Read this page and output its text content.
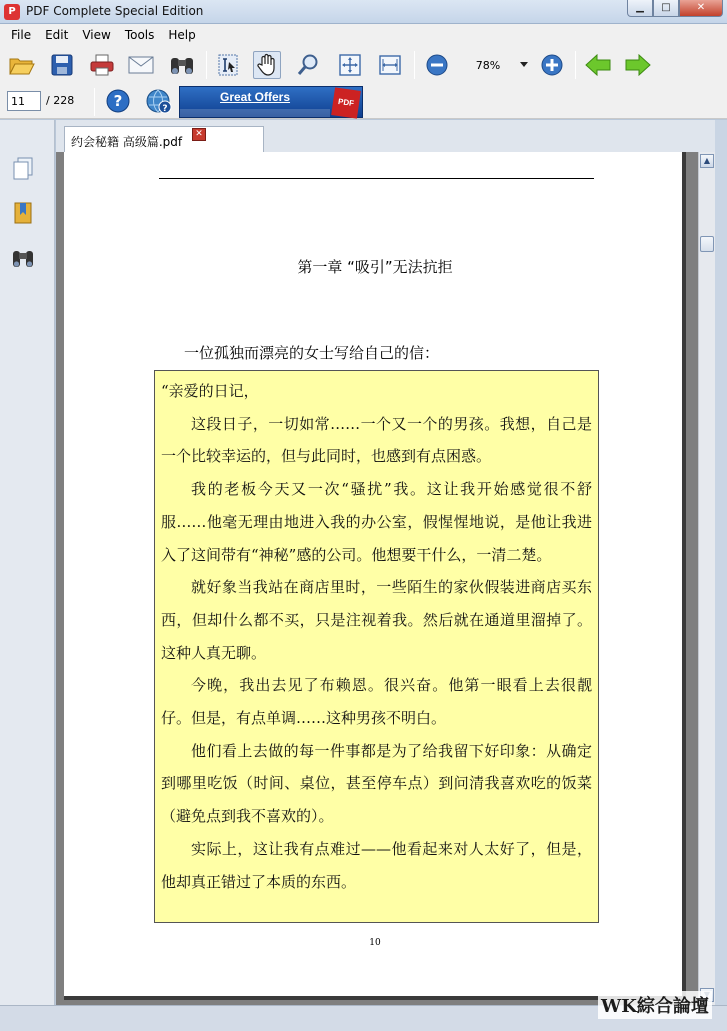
P PDF Complete Special Edition	▁	□	✕
File	Edit	View	Tools	Help
78%
11
/ 228	?	?
Great Offers	PDF
约会秘籍 高级篇.pdf
✕
第一章 “吸引”无法抗拒
一位孤独而漂亮的女士写给自己的信：

“亲爱的日记，

这段日子，一切如常……一个又一个的男孩。我想，自己是一个比较幸运的，但与此同时，也感到有点困惑。

我的老板今天又一次“骚扰”我。这让我开始感觉很不舒服……他毫无理由地进入我的办公室，假惺惺地说，是他让我进入了这间带有“神秘”感的公司。他想要干什么，一清二楚。

就好象当我站在商店里时，一些陌生的家伙假装进商店买东西，但却什么都不买，只是注视着我。然后就在通道里溜掉了。这种人真无聊。

今晚，我出去见了布赖恩。很兴奋。他第一眼看上去很靓仔。但是，有点单调……这种男孩不明白。

他们看上去做的每一件事都是为了给我留下好印象：从确定到哪里吃饭（时间、桌位，甚至停车点）到问清我喜欢吃的饭菜（避免点到我不喜欢的）。

实际上，这让我有点难过——他看起来对人太好了，但是，他却真正错过了本质的东西。

10
▲
WK綜合論壇
